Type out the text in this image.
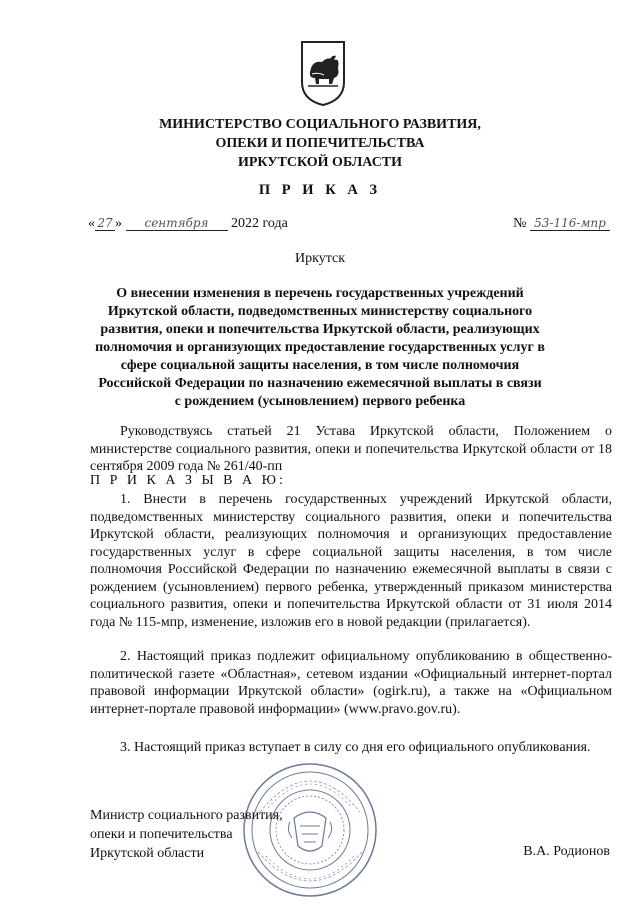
МИНИСТЕРСТВО СОЦИАЛЬНОГО РАЗВИТИЯ,
ОПЕКИ И ПОПЕЧИТЕЛЬСТВА
ИРКУТСКОЙ ОБЛАСТИ
П Р И К А З
« 27 » сентября 2022 года	№ 53-116-мпр
Иркутск
О внесении изменения в перечень государственных учреждений Иркутской области, подведомственных министерству социального развития, опеки и попечительства Иркутской области, реализующих полномочия и организующих предоставление государственных услуг в сфере социальной защиты населения, в том числе полномочия Российской Федерации по назначению ежемесячной выплаты в связи с рождением (усыновлением) первого ребенка

Руководствуясь статьей 21 Устава Иркутской области, Положением о министерстве социального развития, опеки и попечительства Иркутской области от 18 сентября 2009 года № 261/40-пп

П Р И К А З Ы В А Ю:

1. Внести в перечень государственных учреждений Иркутской области, подведомственных министерству социального развития, опеки и попечительства Иркутской области, реализующих полномочия и организующих предоставление государственных услуг в сфере социальной защиты населения, в том числе полномочия Российской Федерации по назначению ежемесячной выплаты в связи с рождением (усыновлением) первого ребенка, утвержденный приказом министерства социального развития, опеки и попечительства Иркутской области от 31 июля 2014 года № 115-мпр, изменение, изложив его в новой редакции (прилагается).

2. Настоящий приказ подлежит официальному опубликованию в общественно-политической газете «Областная», сетевом издании «Официальный интернет-портал правовой информации Иркутской области» (ogirk.ru), а также на «Официальном интернет-портале правовой информации» (www.pravo.gov.ru).

3. Настоящий приказ вступает в силу со дня его официального опубликования.

Министр социального развития,
опеки и попечительства
Иркутской области	В.А. Родионов
